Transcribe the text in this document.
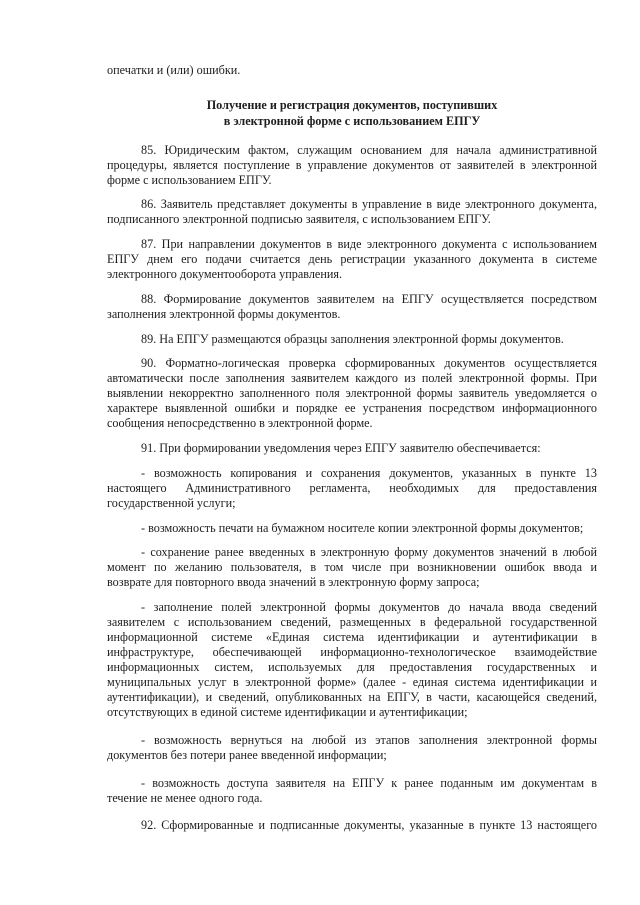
опечатки и (или) ошибки.
Получение и регистрация документов, поступивших
в электронной форме с использованием ЕПГУ
85. Юридическим фактом, служащим основанием для начала административной
процедуры, является поступление в управление документов от заявителей в электронной
форме с использованием ЕПГУ.
86. Заявитель представляет документы в управление в виде электронного документа,
подписанного электронной подписью заявителя, с использованием ЕПГУ.
87. При направлении документов в виде электронного документа с использованием
ЕПГУ днем его подачи считается день регистрации указанного документа в системе
электронного документооборота управления.
88. Формирование документов заявителем на ЕПГУ осуществляется посредством
заполнения электронной формы документов.
89. На ЕПГУ размещаются образцы заполнения электронной формы документов.
90. Форматно-логическая проверка сформированных документов осуществляется
автоматически после заполнения заявителем каждого из полей электронной формы. При
выявлении некорректно заполненного поля электронной формы заявитель уведомляется о
характере выявленной ошибки и порядке ее устранения посредством информационного
сообщения непосредственно в электронной форме.
91. При формировании уведомления через ЕПГУ заявителю обеспечивается:
- возможность копирования и сохранения документов, указанных в пункте 13
настоящего Административного регламента, необходимых для предоставления
государственной услуги;
- возможность печати на бумажном носителе копии электронной формы документов;
- сохранение ранее введенных в электронную форму документов значений в любой
момент по желанию пользователя, в том числе при возникновении ошибок ввода и
возврате для повторного ввода значений в электронную форму запроса;
- заполнение полей электронной формы документов до начала ввода сведений
заявителем с использованием сведений, размещенных в федеральной государственной
информационной системе «Единая система идентификации и аутентификации в
инфраструктуре, обеспечивающей информационно-технологическое взаимодействие
информационных систем, используемых для предоставления государственных и
муниципальных услуг в электронной форме» (далее - единая система идентификации и
аутентификации), и сведений, опубликованных на ЕПГУ, в части, касающейся сведений,
отсутствующих в единой системе идентификации и аутентификации;
- возможность вернуться на любой из этапов заполнения электронной формы
документов без потери ранее введенной информации;
- возможность доступа заявителя на ЕПГУ к ранее поданным им документам в
течение не менее одного года.
92. Сформированные и подписанные документы, указанные в пункте 13 настоящего
